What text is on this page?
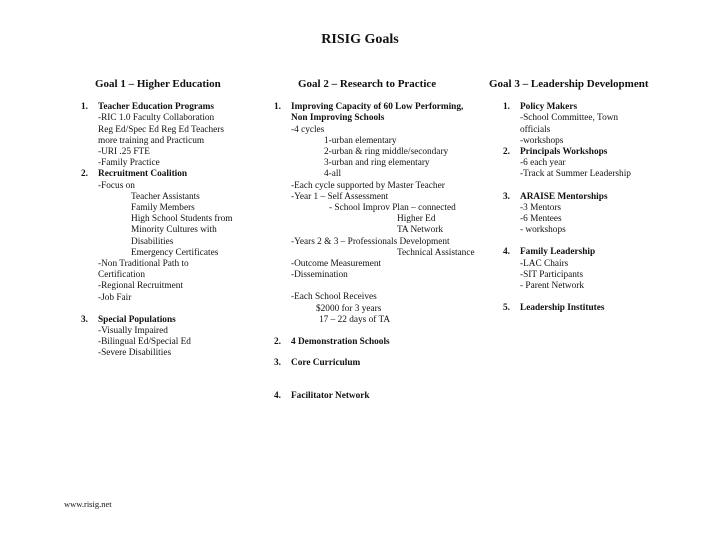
RISIG Goals
Goal 1 – Higher Education
1. Teacher Education Programs
-RIC 1.0 Faculty Collaboration
Reg Ed/Spec Ed Reg Ed Teachers
more training and Practicum
-URI .25 FTE
-Family Practice
2. Recruitment Coalition
-Focus on
Teacher Assistants
Family Members
High School Students from
Minority Cultures with
Disabilities
Emergency Certificates
-Non Traditional Path to
Certification
-Regional Recruitment
-Job Fair
3. Special Populations
-Visually Impaired
-Bilingual Ed/Special Ed
-Severe Disabilities
Goal 2 – Research to Practice
1. Improving Capacity of 60 Low Performing,
Non Improving Schools
-4 cycles
1-urban elementary
2-urban & ring middle/secondary
3-urban and ring elementary
4-all
-Each cycle supported by Master Teacher
-Year 1 – Self Assessment
- School Improv Plan – connected
Higher Ed
TA Network
-Years 2 & 3 – Professionals Development
Technical Assistance
-Outcome Measurement
-Dissemination
-Each School Receives
$2000 for 3 years
17 – 22 days of TA
2. 4 Demonstration Schools
3. Core Curriculum
4. Facilitator Network
Goal 3 – Leadership Development
1. Policy Makers
-School Committee, Town
officials
-workshops
2. Principals Workshops
-6 each year
-Track at Summer Leadership
3. ARAISE Mentorships
-3 Mentors
-6 Mentees
- workshops
4. Family Leadership
-LAC Chairs
-SIT Participants
- Parent Network
5. Leadership Institutes
www.risig.net
